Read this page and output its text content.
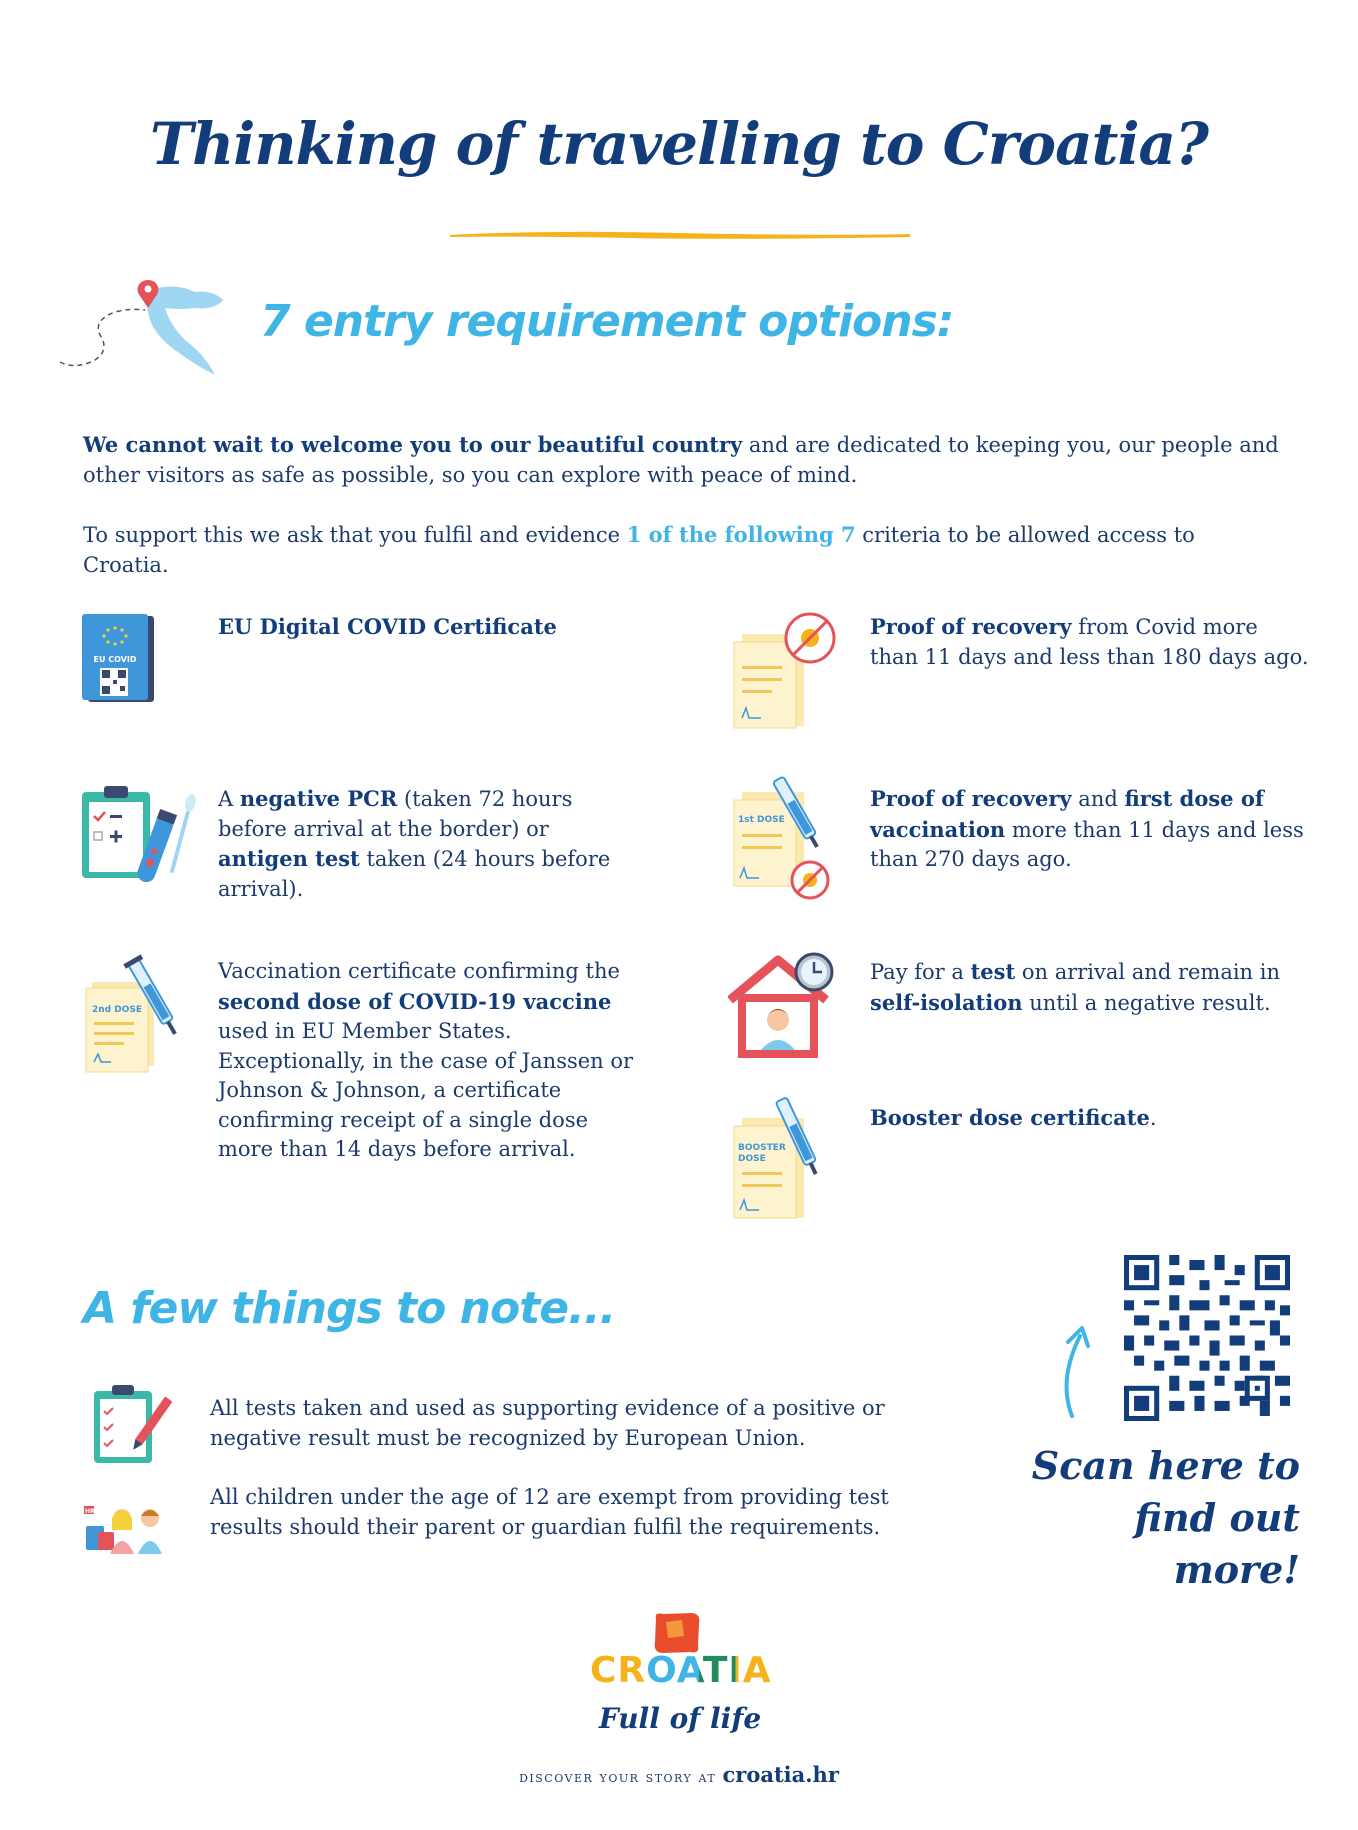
Thinking of travelling to Croatia?
7 entry requirement options:
We cannot wait to welcome you to our beautiful country and are dedicated to keeping you, our people and other visitors as safe as possible, so you can explore with peace of mind.
To support this we ask that you fulfil and evidence 1 of the following 7 criteria to be allowed access to Croatia.
EU COVID
EU Digital COVID Certificate
A negative PCR (taken 72 hours before arrival at the border) or antigen test taken (24 hours before arrival).
2nd DOSE
Vaccination certificate confirming the second dose of COVID-19 vaccine used in EU Member States. Exceptionally, in the case of Janssen or Johnson & Johnson, a certificate confirming receipt of a single dose more than 14 days before arrival.
Proof of recovery from Covid more than 11 days and less than 180 days ago.
1st DOSE
Proof of recovery and first dose of vaccination more than 11 days and less than 270 days ago.
Pay for a test on arrival and remain in self-isolation until a negative result.
BOOSTER
DOSE
Booster dose certificate.
A few things to note...
All tests taken and used as supporting evidence of a positive or negative result must be recognized by European Union.
HR
All children under the age of 12 are exempt from providing test results should their parent or guardian fulfil the requirements.
Scan here to
find out more!
CROATIA
Full of life
discover your story at croatia.hr
